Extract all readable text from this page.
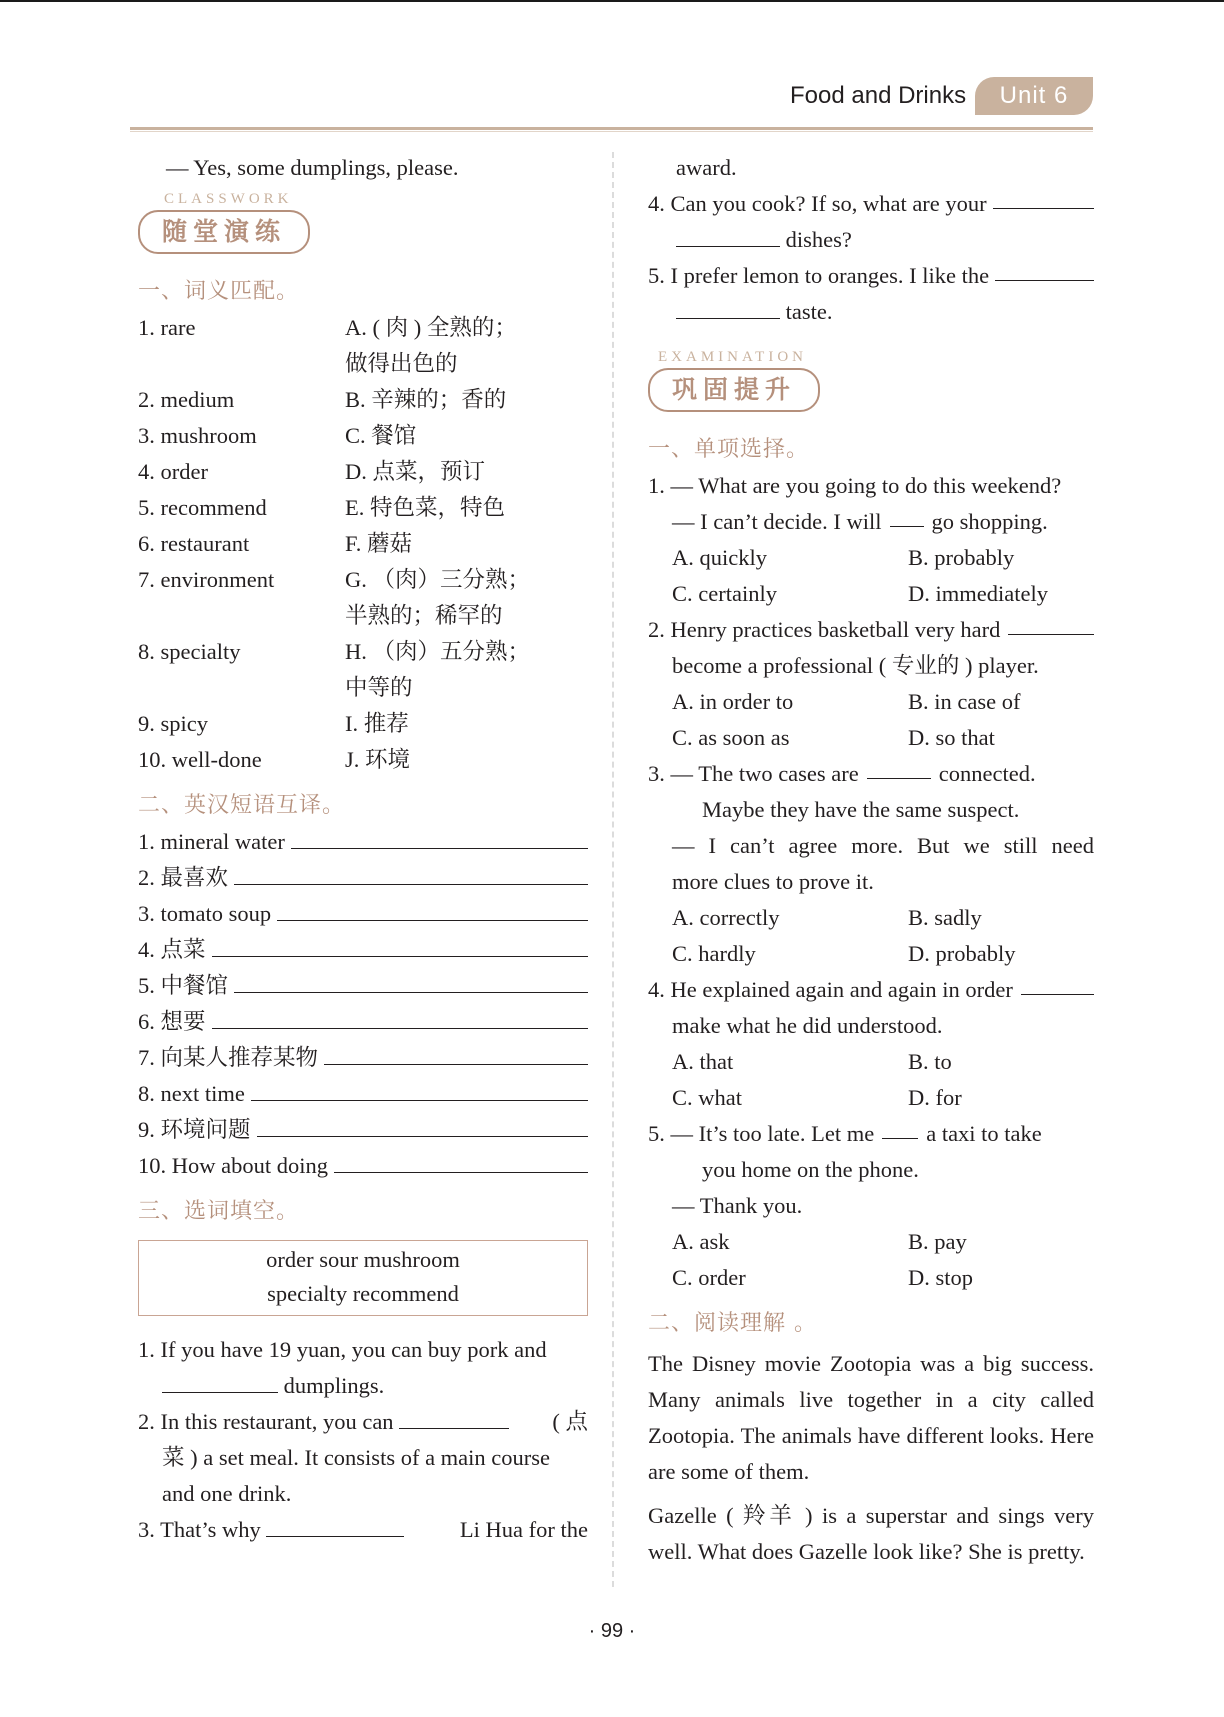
Food and Drinks	Unit 6
— Yes, some dumplings, please.
CLASSWORK
随堂演练
一、词义匹配。
1. rare	A. ( 肉 ) 全熟的；
做得出色的
2. medium	B. 辛辣的；香的
3. mushroom	C. 餐馆
4. order	D. 点菜，预订
5. recommend	E. 特色菜，特色
6. restaurant	F. 蘑菇
7. environment	G. （肉）三分熟；
半熟的；稀罕的
8. specialty	H. （肉）五分熟；
中等的
9. spicy	I. 推荐
10. well-done	J. 环境
二、英汉短语互译。
1. mineral water
2. 最喜欢
3. tomato soup
4. 点菜
5. 中餐馆
6. 想要
7. 向某人推荐某物
8. next time
9. 环境问题
10. How about doing
三、选词填空。
order sour mushroom
specialty recommend
1. If you have 19 yuan, you can buy pork and
dumplings.
2. In this restaurant, you can	( 点
菜 ) a set meal. It consists of a main course
and one drink.
3. That’s why	Li Hua for the
award.
4. Can you cook? If so, what are your
dishes?
5. I prefer lemon to oranges. I like the
taste.
EXAMINATION
巩固提升
一、单项选择。
1. — What are you going to do this weekend?
— I can’t decide. I will go shopping.
A. quickly	B. probably
C. certainly	D. immediately
2. Henry practices basketball very hard
become a professional ( 专业的 ) player.
A. in order to	B. in case of
C. as soon as	D. so that
3. — The two cases are	connected.
Maybe they have the same suspect.
— I can’t agree more. But we still need
more clues to prove it.
A. correctly	B. sadly
C. hardly	D. probably
4. He explained again and again in order
make what he did understood.
A. that	B. to
C. what	D. for
5. — It’s too late. Let me a taxi to take
you home on the phone.
— Thank you.
A. ask	B. pay
C. order	D. stop
二、阅读理解 。
The Disney movie Zootopia was a big success. Many animals live together in a city called Zootopia. The animals have different looks. Here are some of them.
Gazelle ( 羚羊 ) is a superstar and sings very well. What does Gazelle look like? She is pretty.
· 99 ·
